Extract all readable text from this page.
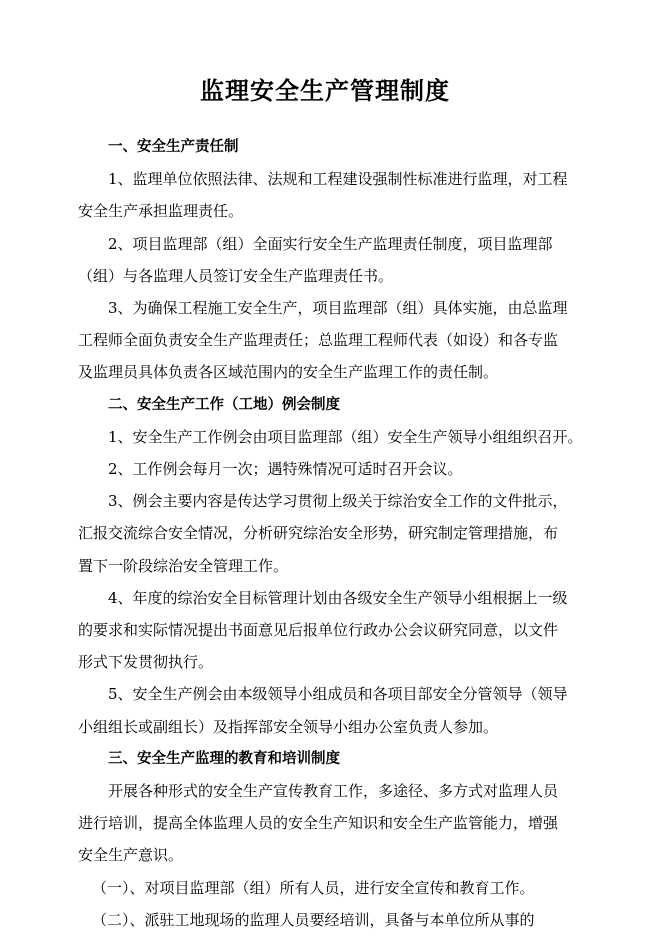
监理安全生产管理制度
一、安全生产责任制
1、监理单位依照法律、法规和工程建设强制性标准进行监理，对工程
安全生产承担监理责任。
2、项目监理部（组）全面实行安全生产监理责任制度，项目监理部
（组）与各监理人员签订安全生产监理责任书。
3、为确保工程施工安全生产，项目监理部（组）具体实施，由总监理
工程师全面负责安全生产监理责任；总监理工程师代表（如设）和各专监
及监理员具体负责各区域范围内的安全生产监理工作的责任制。
二、安全生产工作（工地）例会制度
1、安全生产工作例会由项目监理部（组）安全生产领导小组组织召开。
2、工作例会每月一次；遇特殊情况可适时召开会议。
3、例会主要内容是传达学习贯彻上级关于综治安全工作的文件批示，
汇报交流综合安全情况，分析研究综治安全形势，研究制定管理措施，布
置下一阶段综治安全管理工作。
4、年度的综治安全目标管理计划由各级安全生产领导小组根据上一级
的要求和实际情况提出书面意见后报单位行政办公会议研究同意，以文件
形式下发贯彻执行。
5、安全生产例会由本级领导小组成员和各项目部安全分管领导（领导
小组组长或副组长）及指挥部安全领导小组办公室负责人参加。
三、安全生产监理的教育和培训制度
开展各种形式的安全生产宣传教育工作，多途径、多方式对监理人员
进行培训，提高全体监理人员的安全生产知识和安全生产监管能力，增强
安全生产意识。
（一）、对项目监理部（组）所有人员，进行安全宣传和教育工作。
（二）、派驻工地现场的监理人员要经培训，具备与本单位所从事的
